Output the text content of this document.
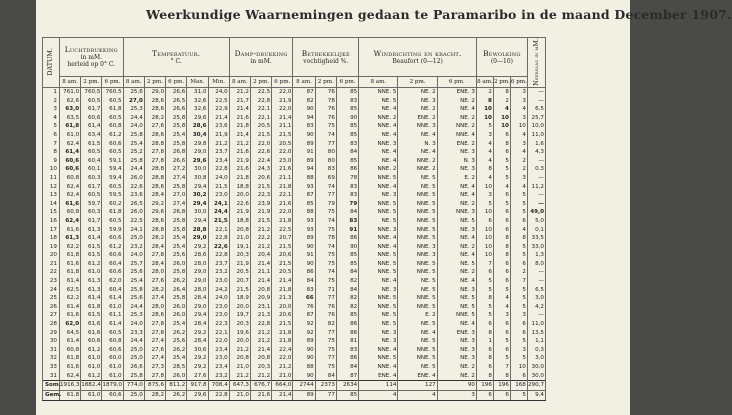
Weerkundige Waarnemingen gedaan te Paramaribo in de maand December 1907.
DATUM.	Luchtdrukking
in mM.
herleid op 0° C.			Temperatuur.
° C.					Damp-drukking
in mM.			Betrekkelijke
vochtigheid %.			Windrichting en kracht.
Beaufort (0—12)			Bewolking
(0—10)			Neerslag in mM.
	8 am.	2 pm.	6 pm.	8 am.	2 pm.	6 pm.	Max.	Min.	8 am.	2 pm.	6 pm.	8 am.	2 pm.	6 pm.	8 am.	2 pm.	6 pm.	8 am.	2 pm.	6 pm.	
1	761,0	760,5	760,5	25,6	29,0	26,6	31,0	24,0	21,2	22,5	22,0	87	76	85	NNE. 5	NE. 2	ENE. 3	2	8	3	—
2	62,6	60,5	60,5	27,0	28,6	26,5	32,6	22,5	21,7	22,8	21,9	82	78	83	NE. 5	NE. 3	NE. 2	8	2	3	—
3	63,0	61,7	61,8	25,3	28,6	26,6	32,6	22,9	21,4	22,1	22,0	90	76	85	NE. 4	NE. 2	NE. 4	10	4	4	6,5
4	63,5	60,6	60,5	24,4	28,2	25,8	29,6	21,4	21,6	22,1	21,4	94	76	90	NNE. 2	ENE. 2	NE. 2	10	10	3	25,7
5	61,8	61,4	60,8	24,0	27,6	25,8	28,6	23,6	21,8	20,5	21,1	83	75	85	NNE. 4	NNE. 3	NNE. 2	5	10	10	10,0
6	61,0	63,4	61,2	25,8	28,6	25,4	30,4	21,9	21,4	21,5	21,5	90	74	85	NE. 4	NE. 4	NNE. 4	3	6	4	11,0
7	62,4	61,5	60,6	25,4	28,8	25,8	29,8	21,2	21,2	22,0	20,5	89	77	83	NNE. 3	N. 3	ENE. 2	4	8	3	1,6
8	61,4	60,5	60,5	25,2	27,8	26,8	29,0	23,7	21,6	22,6	22,0	91	80	84	NE. 4	NE. 4	NE. 3	4	6	4	4,3
9	60,6	60,4	59,1	25,8	27,8	26,6	29,6	23,4	21,9	22,4	23,0	89	80	85	NE. 4	NNE. 2	N. 3	4	5	2	—
10	60,6	60,1	59,4	24,4	28,8	27,2	30,0	22,8	21,6	24,3	21,6	94	83	86	NNE. 2	NNE. 2	NE. 3	8	5	2	0,3
11	60,8	60,3	59,4	26,0	28,8	27,4	30,8	24,0	21,8	20,6	21,1	88	69	78	NNE. 5	NE. 5	E. 2	4	5	3	—
12	62,4	61,7	60,5	22,6	28,6	25,8	29,4	21,5	18,8	21,5	21,8	93	74	83	NNE. 4	NE. 5	NE. 4	10	4	4	11,2
13	62,4	60,5	59,5	23,6	28,4	27,0	30,2	23,0	20,0	22,3	22,1	87	77	83	NE. 3	NNE. 5	NE. 4	3	6	5	—
14	61,6	59,7	60,2	26,5	29,2	27,4	29,4	24,1	22,6	23,9	21,6	85	79	79	NNE. 5	NNE. 5	NE. 2	5	5	5	—
15	60,8	60,3	61,8	26,0	29,6	26,8	30,0	24,4	21,9	21,9	22,0	88	75	84	NNE. 5	NNE. 5	NNE. 3	10	6	5	49,0
16	62,4	61,7	60,5	22,5	28,6	25,8	29,4	21,5	18,8	21,5	21,8	93	74	83	NE. 5	NNE. 5	NE. 5	6	6	6	5,0
17	61,6	61,3	59,9	24,1	28,8	25,8	28,8	22,1	20,8	21,2	22,5	93	75	91	NNE. 3	NNE. 5	NE. 3	10	6	4	0,1
18	61,3	61,4	60,6	25,0	28,2	25,4	29,0	22,8	21,0	22,2	20,7	89	78	86	NNE. 4	NNE. 5	NE. 4	10	8	8	33,5
19	62,2	61,5	61,2	23,2	28,4	25,4	29,2	22,6	19,1	21,2	21,5	90	74	90	NNE. 4	NNE. 3	NE. 2	10	8	5	33,0
20	61,8	61,5	60,6	24,0	27,8	25,6	28,6	22,8	20,3	20,4	20,6	91	75	85	NNE. 5	NNE. 3	NE. 4	10	8	5	1,3
21	61,6	61,2	60,4	25,7	28,4	26,0	28,0	23,7	21,9	21,4	21,5	90	75	85	NNE. 5	NNE. 5	NE. 5	7	6	6	8,0
22	61,8	61,0	60,6	25,6	28,0	25,8	29,0	23,2	20,5	21,1	20,5	86	74	84	NNE. 5	NNE. 5	NE. 2	6	6	2	—
23	61,4	61,3	62,0	25,4	27,6	26,2	29,0	23,0	20,7	21,4	21,4	84	75	82	NE. 4	NE. 5	NE. 4	5	6	7	—
24	62,5	61,3	60,4	25,8	28,2	26,4	28,0	24,2	21,5	20,8	21,8	83	71	84	NE. 3	NE. 5	NE. 3	5	5	5	6,5
25	62,2	61,4	61,4	25,6	27,4	25,8	28,4	24,0	18,9	20,9	21,3	66	77	82	NNE. 5	NNE. 5	NE. 5	8	4	5	3,0
26	61,4	61,8	61,0	24,4	28,0	26,0	29,0	23,0	20,0	23,1	20,0	76	76	82	NNE. 5	NNE. 5	NE. 5	5	4	5	4,2
27	61,6	61,5	61,1	25,3	28,6	26,0	29,4	23,0	19,7	21,3	20,6	87	76	85	NE. 5	E. 2	NNE. 5	5	3	3	—
28	62,0	61,6	61,4	24,0	27,8	25,4	28,4	22,3	20,3	22,8	21,5	92	82	86	NE. 5	NE. 5	NE. 4	6	6	6	11,0
29	64,5	61,6	60,5	23,3	27,8	26,2	29,2	22,1	19,6	21,2	21,8	92	77	86	NE. 3	NE. 4	ENE. 3	8	6	6	13,5
30	61,4	60,6	60,8	24,4	27,4	25,6	28,4	22,0	20,0	21,2	21,8	89	75	81	NE. 3	NE. 5	NE. 3	1	5	5	1,1
31	60,8	61,2	60,6	25,0	27,6	26,2	30,6	23,4	21,2	21,4	22,4	90	75	83	NNE. 4	NNE. 5	NE. 3	6	6	3	0,3
32	61,8	61,0	60,0	25,0	27,4	25,4	29,2	23,0	20,8	20,8	22,0	90	77	86	NNE. 5	NNE. 5	NE. 3	8	5	5	3,0
33	61,6	61,0	61,0	26,6	27,3	28,5	29,2	23,4	21,0	20,3	21,2	88	75	84	NNE. 4	NE. 5	NE. 2	6	7	10	30,0
31	62,4	61,2	61,0	25,8	27,8	26,0	27,6	23,2	21,2	21,2	21,0	90	84	87	ENE. 4	ENE. 4	NE. 2	8	8	6	30,0
Som.	1916,3	1882,4	1879,0	774,0	875,6	811,2	917,8	708,4	647,3	676,7	664,0	2744	2373	2634	114	127	90	196	196	168	290,7
Gem.	61,8	61,0	60,6	25,0	28,2	26,2	29,6	22,8	21,0	21,6	21,4	89	77	85	4	4	3	6	6	5	9,4
